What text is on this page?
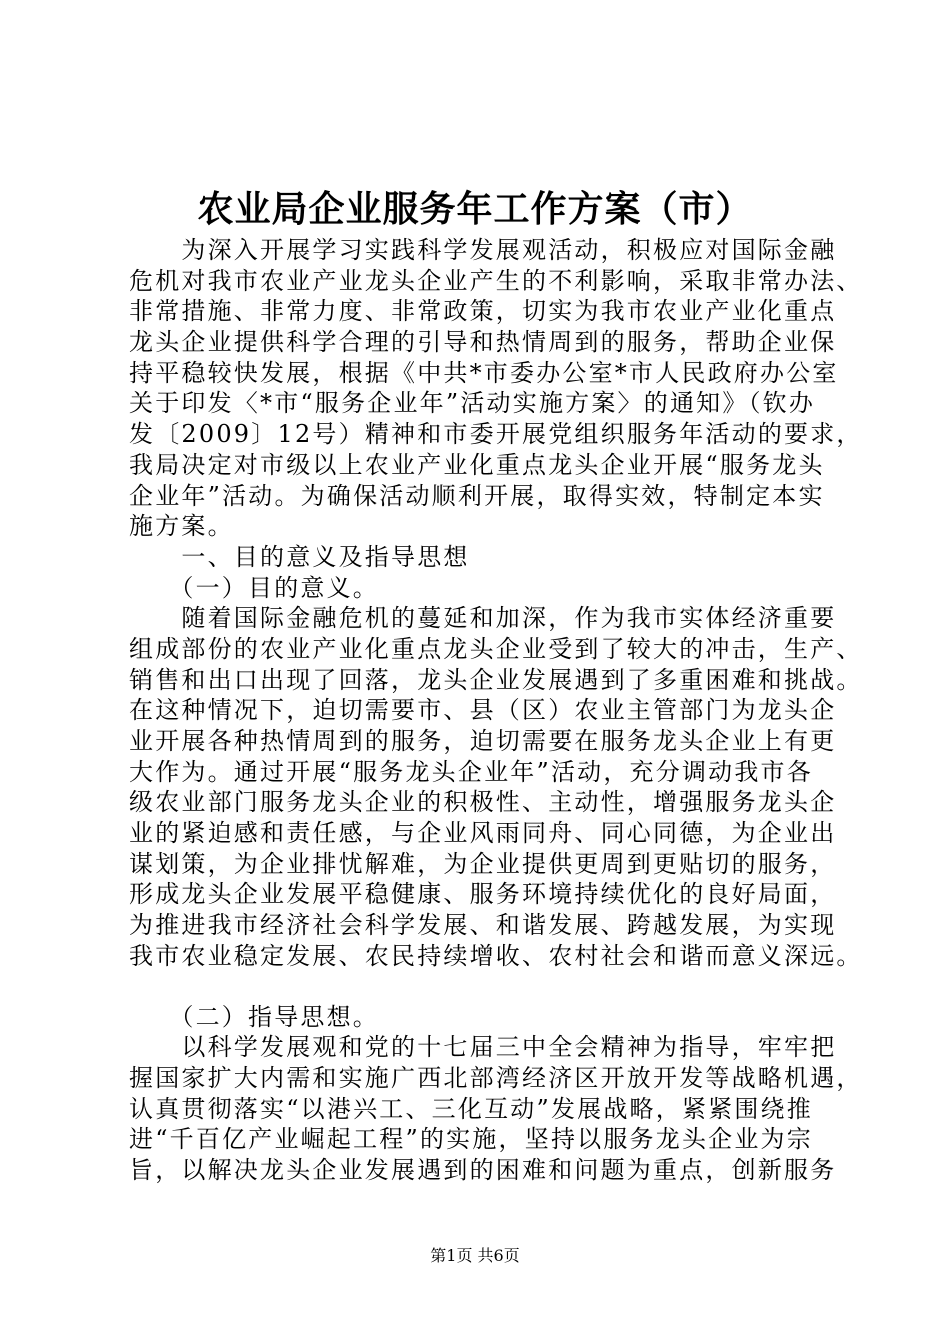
农业局企业服务年工作方案（市）
　　为深入开展学习实践科学发展观活动，积极应对国际金融
危机对我市农业产业龙头企业产生的不利影响，采取非常办法、
非常措施、非常力度、非常政策，切实为我市农业产业化重点
龙头企业提供科学合理的引导和热情周到的服务，帮助企业保
持平稳较快发展，根据《中共*市委办公室*市人民政府办公室
关于印发〈*市“服务企业年”活动实施方案〉的通知》（钦办
发〔2009〕12号）精神和市委开展党组织服务年活动的要求，
我局决定对市级以上农业产业化重点龙头企业开展“服务龙头
企业年”活动。为确保活动顺利开展，取得实效，特制定本实
施方案。
　　一、目的意义及指导思想
　　（一）目的意义。
　　随着国际金融危机的蔓延和加深，作为我市实体经济重要
组成部份的农业产业化重点龙头企业受到了较大的冲击，生产、
销售和出口出现了回落，龙头企业发展遇到了多重困难和挑战。
在这种情况下，迫切需要市、县（区）农业主管部门为龙头企
业开展各种热情周到的服务，迫切需要在服务龙头企业上有更
大作为。通过开展“服务龙头企业年”活动，充分调动我市各
级农业部门服务龙头企业的积极性、主动性，增强服务龙头企
业的紧迫感和责任感，与企业风雨同舟、同心同德，为企业出
谋划策，为企业排忧解难，为企业提供更周到更贴切的服务，
形成龙头企业发展平稳健康、服务环境持续优化的良好局面，
为推进我市经济社会科学发展、和谐发展、跨越发展，为实现
我市农业稳定发展、农民持续增收、农村社会和谐而意义深远。
　　（二）指导思想。
　　以科学发展观和党的十七届三中全会精神为指导，牢牢把
握国家扩大内需和实施广西北部湾经济区开放开发等战略机遇，
认真贯彻落实“以港兴工、三化互动”发展战略，紧紧围绕推
进“千百亿产业崛起工程”的实施，坚持以服务龙头企业为宗
旨，以解决龙头企业发展遇到的困难和问题为重点，创新服务
第1页 共6页
